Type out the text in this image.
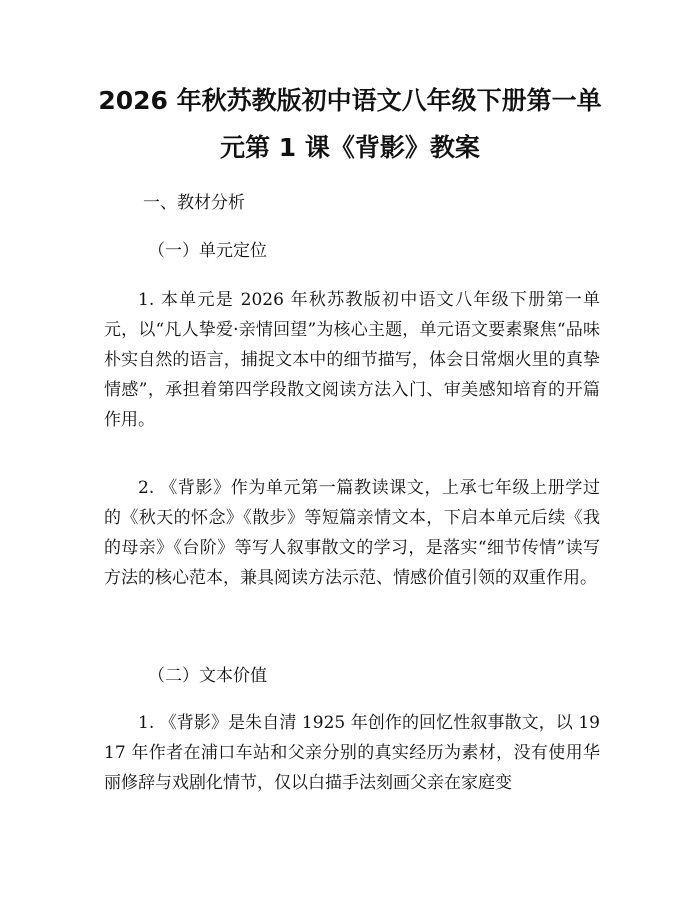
2026 年秋苏教版初中语文八年级下册第一单
元第 1 课《背影》教案
一、教材分析
（一）单元定位

1. 本单元是 2026 年秋苏教版初中语文八年级下册第一单元，以“凡人挚爱·亲情回望”为核心主题，单元语文要素聚焦“品味朴实自然的语言，捕捉文本中的细节描写，体会日常烟火里的真挚情感”，承担着第四学段散文阅读方法入门、审美感知培育的开篇作用。

2. 《背影》作为单元第一篇教读课文，上承七年级上册学过的《秋天的怀念》《散步》等短篇亲情文本，下启本单元后续《我的母亲》《台阶》等写人叙事散文的学习，是落实“细节传情”读写方法的核心范本，兼具阅读方法示范、情感价值引领的双重作用。

（二）文本价值

1. 《背影》是朱自清 1925 年创作的回忆性叙事散文，以 1917 年作者在浦口车站和父亲分别的真实经历为素材，没有使用华丽修辞与戏剧化情节，仅以白描手法刻画父亲在家庭变
